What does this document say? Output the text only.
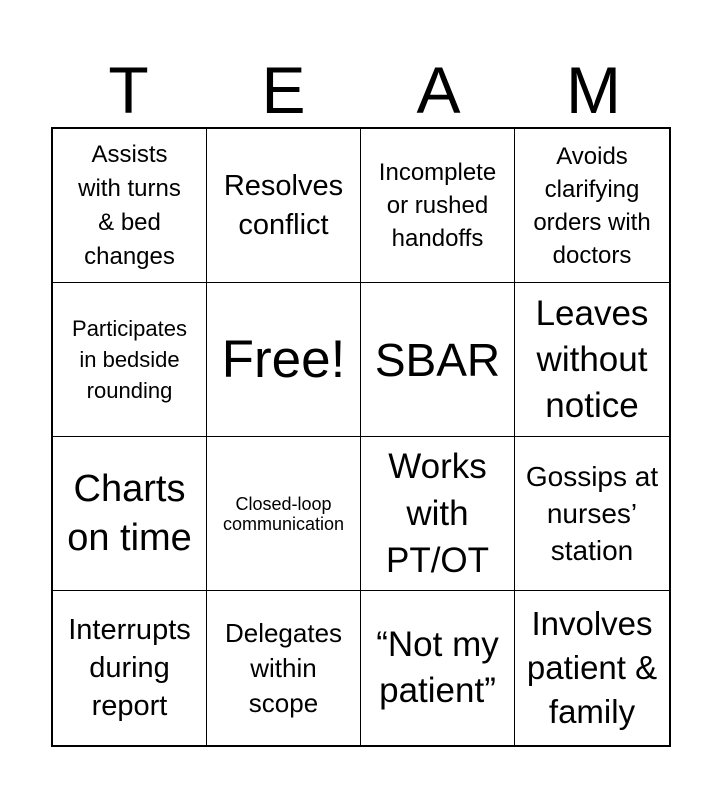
T	E	A	M
Assists with turns & bed changes
Resolves conflict
Incomplete or rushed handoffs
Avoids clarifying orders with doctors
Participates in bedside rounding
Free! SBAR
Leaves without notice
Charts on time
Closed-loop communication
Works with PT/OT
Gossips at nurses’ station
Interrupts during report
Delegates within scope
“Not my patient”
Involves patient & family
